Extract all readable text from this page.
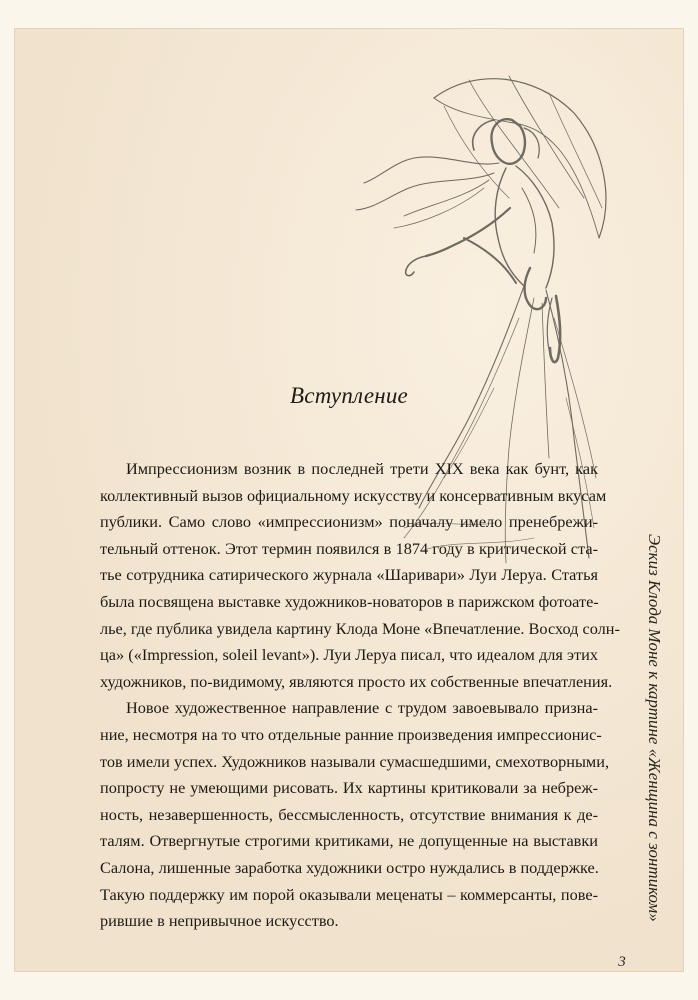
Вступление

Импрессионизм возник в последней трети XIX века как бунт, как
коллективный вызов официальному искусству и консервативным вкусам
публики. Само слово «импрессионизм» поначалу имело пренебрежи-
тельный оттенок. Этот термин появился в 1874 году в критической ста-
тье сотрудника сатирического журнала «Шаривари» Луи Леруа. Статья
была посвящена выставке художников-новаторов в парижском фотоате-
лье, где публика увидела картину Клода Моне «Впечатление. Восход солн-
ца» («Impression, soleil levant»). Луи Леруа писал, что идеалом для этих
художников, по-видимому, являются просто их собственные впечатления.

Новое художественное направление с трудом завоевывало призна-
ние, несмотря на то что отдельные ранние произведения импрессионис-
тов имели успех. Художников называли сумасшедшими, смехотворными,
попросту не умеющими рисовать. Их картины критиковали за небреж-
ность, незавершенность, бессмысленность, отсутствие внимания к де-
талям. Отвергнутые строгими критиками, не допущенные на выставки
Салона, лишенные заработка художники остро нуждались в поддержке.
Такую поддержку им порой оказывали меценаты – коммерсанты, пове-
рившие в непривычное искусство.	Эскиз Клода Моне к картине «Женщина с зонтиком»
3
